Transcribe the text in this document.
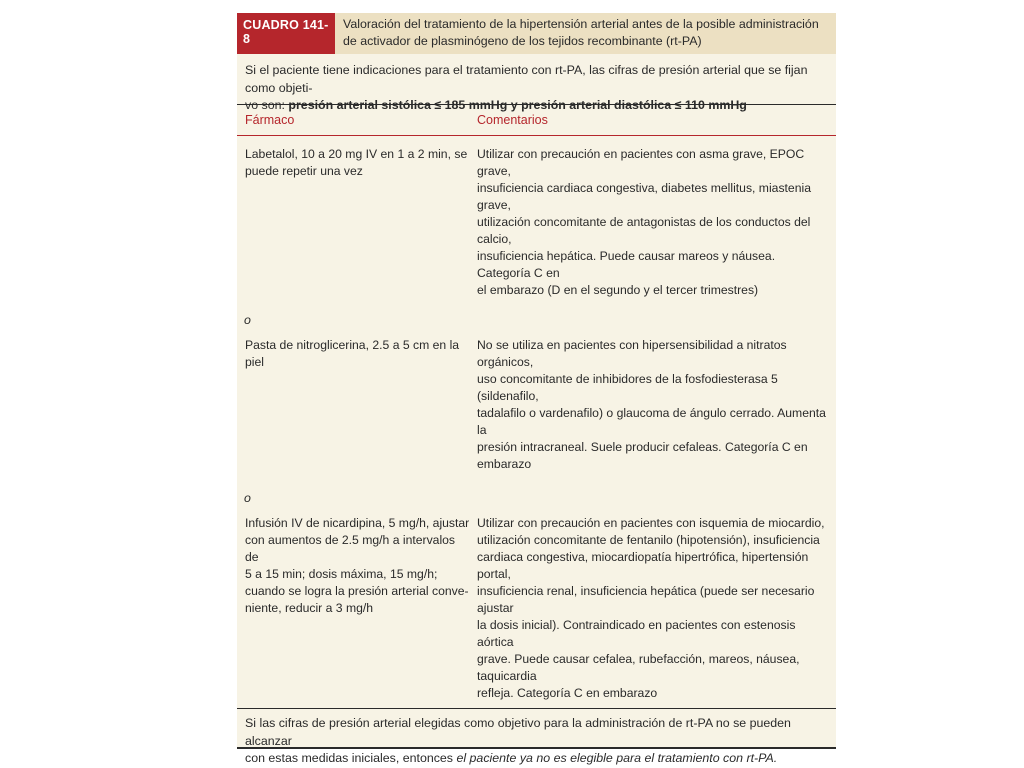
CUADRO 141-8
Valoración del tratamiento de la hipertensión arterial antes de la posible administración
de activador de plasminógeno de los tejidos recombinante (rt-PA)
Si el paciente tiene indicaciones para el tratamiento con rt-PA, las cifras de presión arterial que se fijan como objeti-
vo son: presión arterial sistólica ≤ 185 mmHg y presión arterial diastólica ≤ 110 mmHg
Fármaco	Comentarios
Labetalol, 10 a 20 mg IV en 1 a 2 min, se
puede repetir una vez
Utilizar con precaución en pacientes con asma grave, EPOC grave,
insuficiencia cardiaca congestiva, diabetes mellitus, miastenia grave,
utilización concomitante de antagonistas de los conductos del calcio,
insuficiencia hepática. Puede causar mareos y náusea. Categoría C en
el embarazo (D en el segundo y el tercer trimestres)
o
Pasta de nitroglicerina, 2.5 a 5 cm en la piel
No se utiliza en pacientes con hipersensibilidad a nitratos orgánicos,
uso concomitante de inhibidores de la fosfodiesterasa 5 (sildenafilo,
tadalafilo o vardenafilo) o glaucoma de ángulo cerrado. Aumenta la
presión intracraneal. Suele producir cefaleas. Categoría C en embarazo
o
Infusión IV de nicardipina, 5 mg/h, ajustar
con aumentos de 2.5 mg/h a intervalos de
5 a 15 min; dosis máxima, 15 mg/h;
cuando se logra la presión arterial conve-
niente, reducir a 3 mg/h
Utilizar con precaución en pacientes con isquemia de miocardio,
utilización concomitante de fentanilo (hipotensión), insuficiencia
cardiaca congestiva, miocardiopatía hipertrófica, hipertensión portal,
insuficiencia renal, insuficiencia hepática (puede ser necesario ajustar
la dosis inicial). Contraindicado en pacientes con estenosis aórtica
grave. Puede causar cefalea, rubefacción, mareos, náusea, taquicardia
refleja. Categoría C en embarazo
Si las cifras de presión arterial elegidas como objetivo para la administración de rt-PA no se pueden alcanzar
con estas medidas iniciales, entonces el paciente ya no es elegible para el tratamiento con rt-PA.
